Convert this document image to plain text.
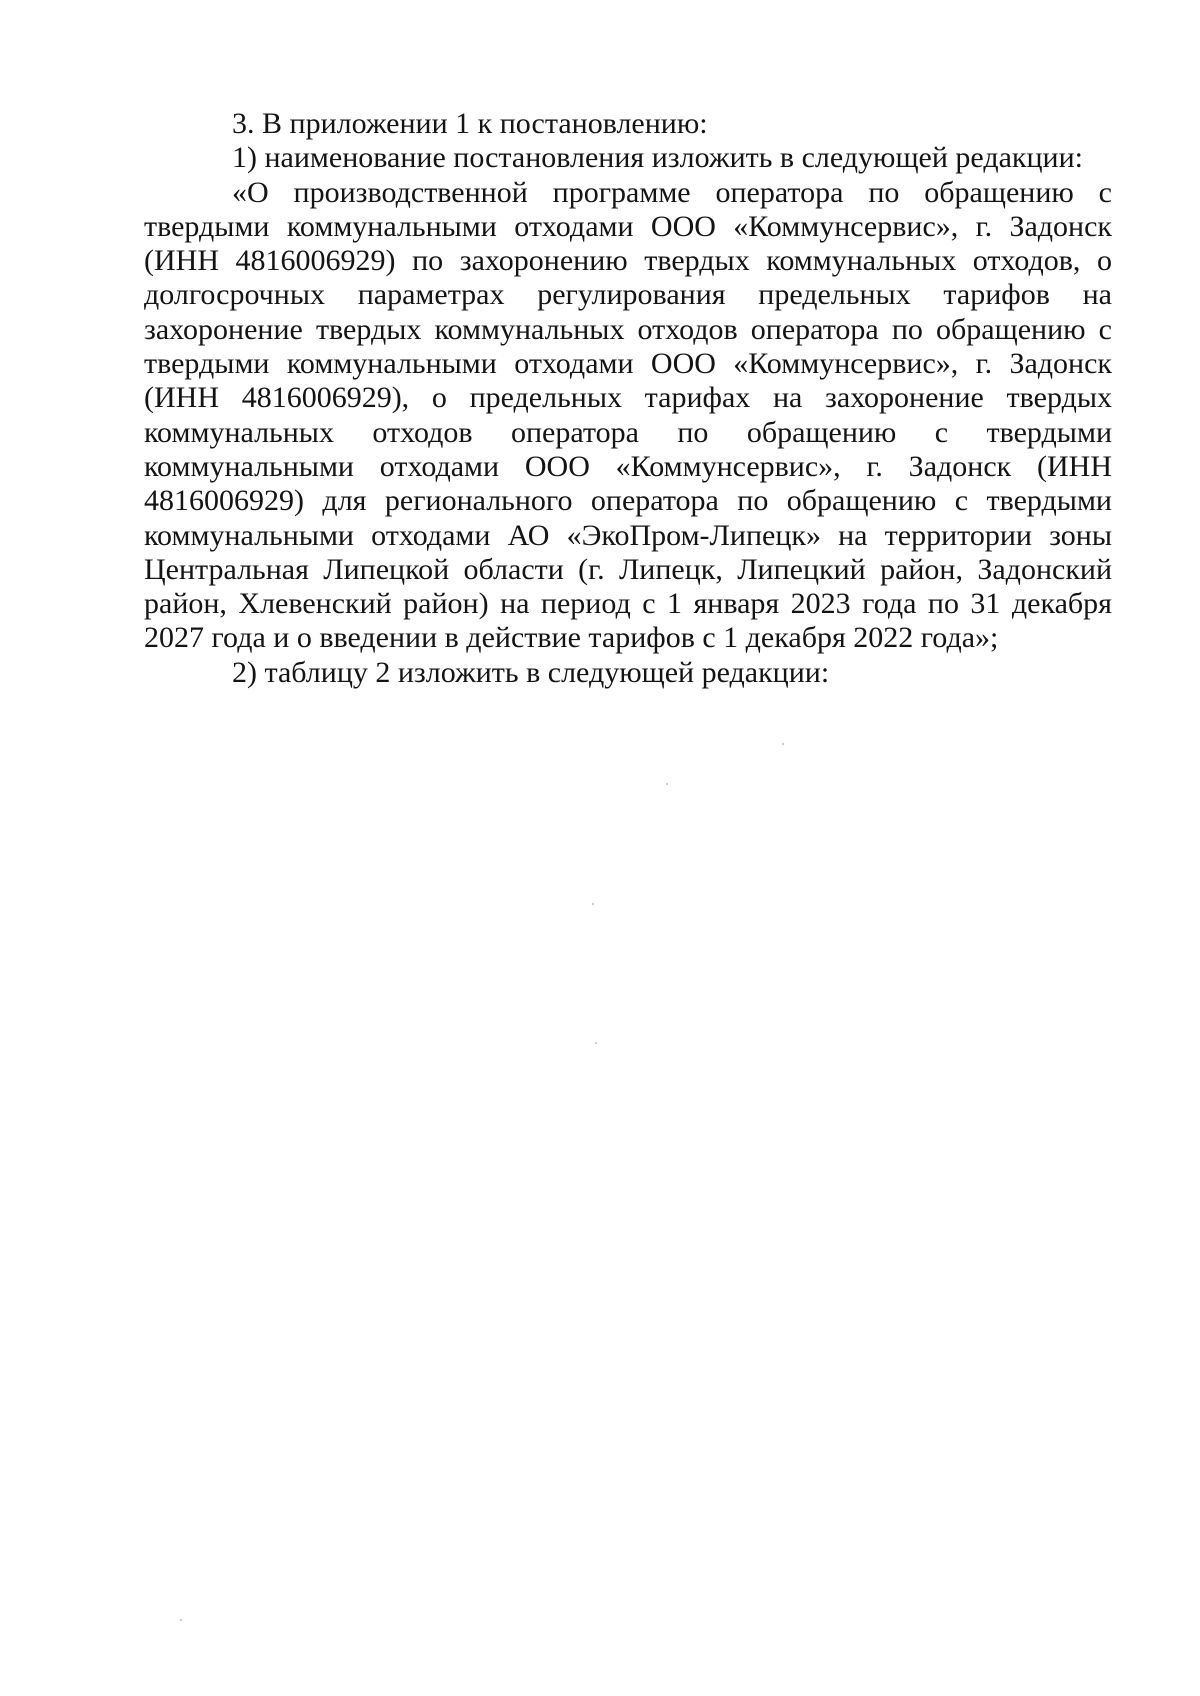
3. В приложении 1 к постановлению:

1) наименование постановления изложить в следующей редакции:

«О производственной программе оператора по обращению с твердыми коммунальными отходами ООО «Коммунсервис», г. Задонск (ИНН 4816006929) по захоронению твердых коммунальных отходов, о долгосрочных параметрах регулирования предельных тарифов на захоронение твердых коммунальных отходов оператора по обращению с твердыми коммунальными отходами ООО «Коммунсервис», г. Задонск (ИНН 4816006929), о предельных тарифах на захоронение твердых коммунальных отходов оператора по обращению с твердыми коммунальными отходами ООО «Коммунсервис», г. Задонск (ИНН 4816006929) для регионального оператора по обращению с твердыми коммунальными отходами АО «ЭкоПром-Липецк» на территории зоны Центральная Липецкой области (г. Липецк, Липецкий район, Задонский район, Хлевенский район) на период с 1 января 2023 года по 31 декабря 2027 года и о введении в действие тарифов с 1 декабря 2022 года»;

2) таблицу 2 изложить в следующей редакции:
